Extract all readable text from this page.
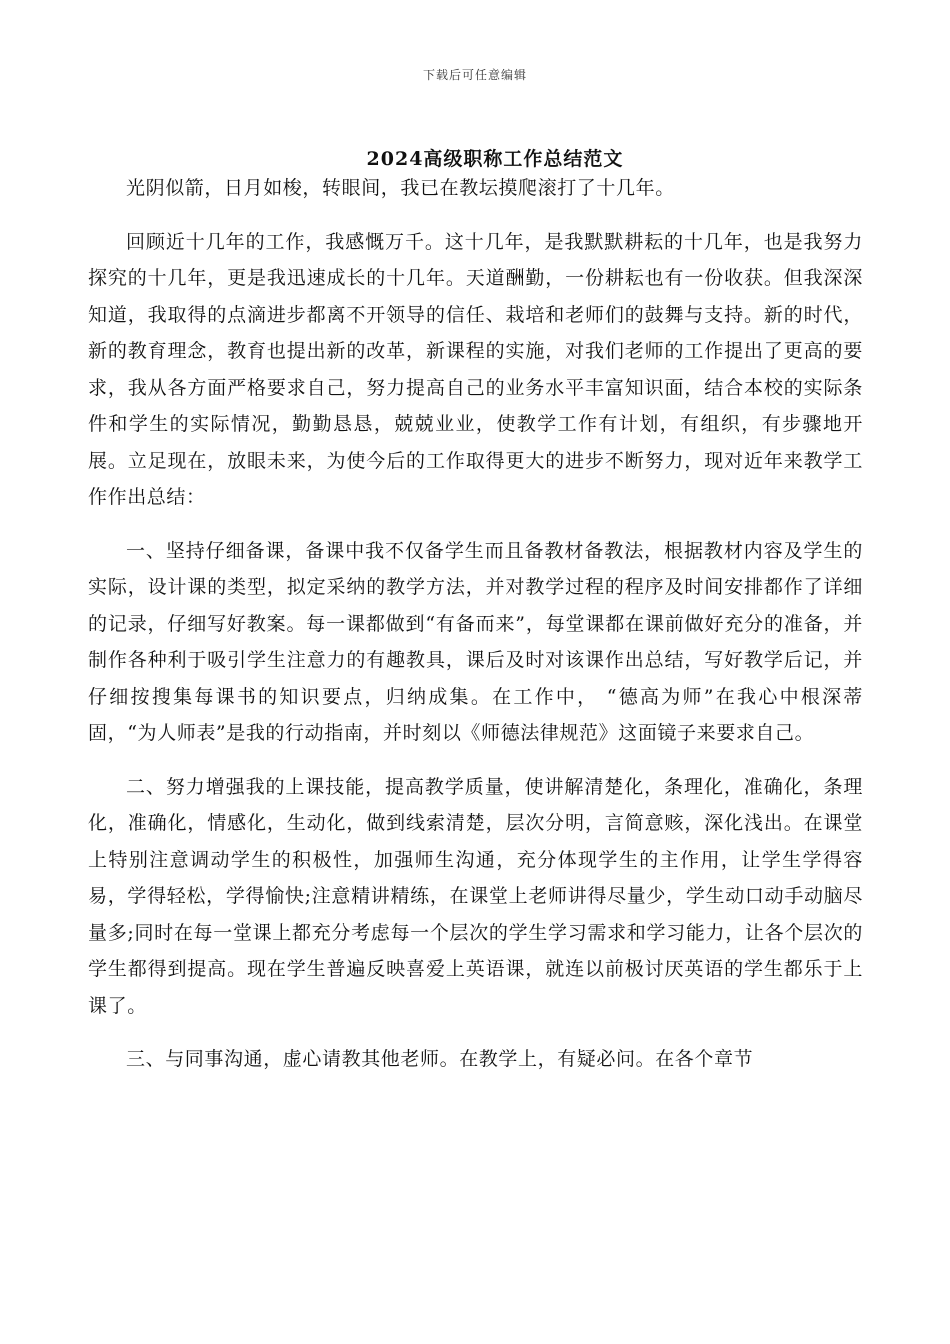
下载后可任意编辑
2024高级职称工作总结范文

光阴似箭，日月如梭，转眼间，我已在教坛摸爬滚打了十几年。

回顾近十几年的工作，我感慨万千。这十几年，是我默默耕耘的十几年，也是我努力探究的十几年，更是我迅速成长的十几年。天道酬勤，一份耕耘也有一份收获。但我深深知道，我取得的点滴进步都离不开领导的信任、栽培和老师们的鼓舞与支持。新的时代，新的教育理念，教育也提出新的改革，新课程的实施，对我们老师的工作提出了更高的要求，我从各方面严格要求自己，努力提高自己的业务水平丰富知识面，结合本校的实际条件和学生的实际情况，勤勤恳恳，兢兢业业，使教学工作有计划，有组织，有步骤地开展。立足现在，放眼未来，为使今后的工作取得更大的进步不断努力，现对近年来教学工作作出总结：

一、坚持仔细备课，备课中我不仅备学生而且备教材备教法，根据教材内容及学生的实际，设计课的类型，拟定采纳的教学方法，并对教学过程的程序及时间安排都作了详细的记录，仔细写好教案。每一课都做到“有备而来”，每堂课都在课前做好充分的准备，并制作各种利于吸引学生注意力的有趣教具，课后及时对该课作出总结，写好教学后记，并仔细按搜集每课书的知识要点，归纳成集。在工作中， “德高为师”在我心中根深蒂固，“为人师表”是我的行动指南，并时刻以《师德法律规范》这面镜子来要求自己。

二、努力增强我的上课技能，提高教学质量，使讲解清楚化，条理化，准确化，条理化，准确化，情感化，生动化，做到线索清楚，层次分明，言简意赅，深化浅出。在课堂上特别注意调动学生的积极性，加强师生沟通，充分体现学生的主作用，让学生学得容易，学得轻松，学得愉快;注意精讲精练，在课堂上老师讲得尽量少，学生动口动手动脑尽量多;同时在每一堂课上都充分考虑每一个层次的学生学习需求和学习能力，让各个层次的学生都得到提高。现在学生普遍反映喜爱上英语课，就连以前极讨厌英语的学生都乐于上课了。

三、与同事沟通，虚心请教其他老师。在教学上，有疑必问。在各个章节
